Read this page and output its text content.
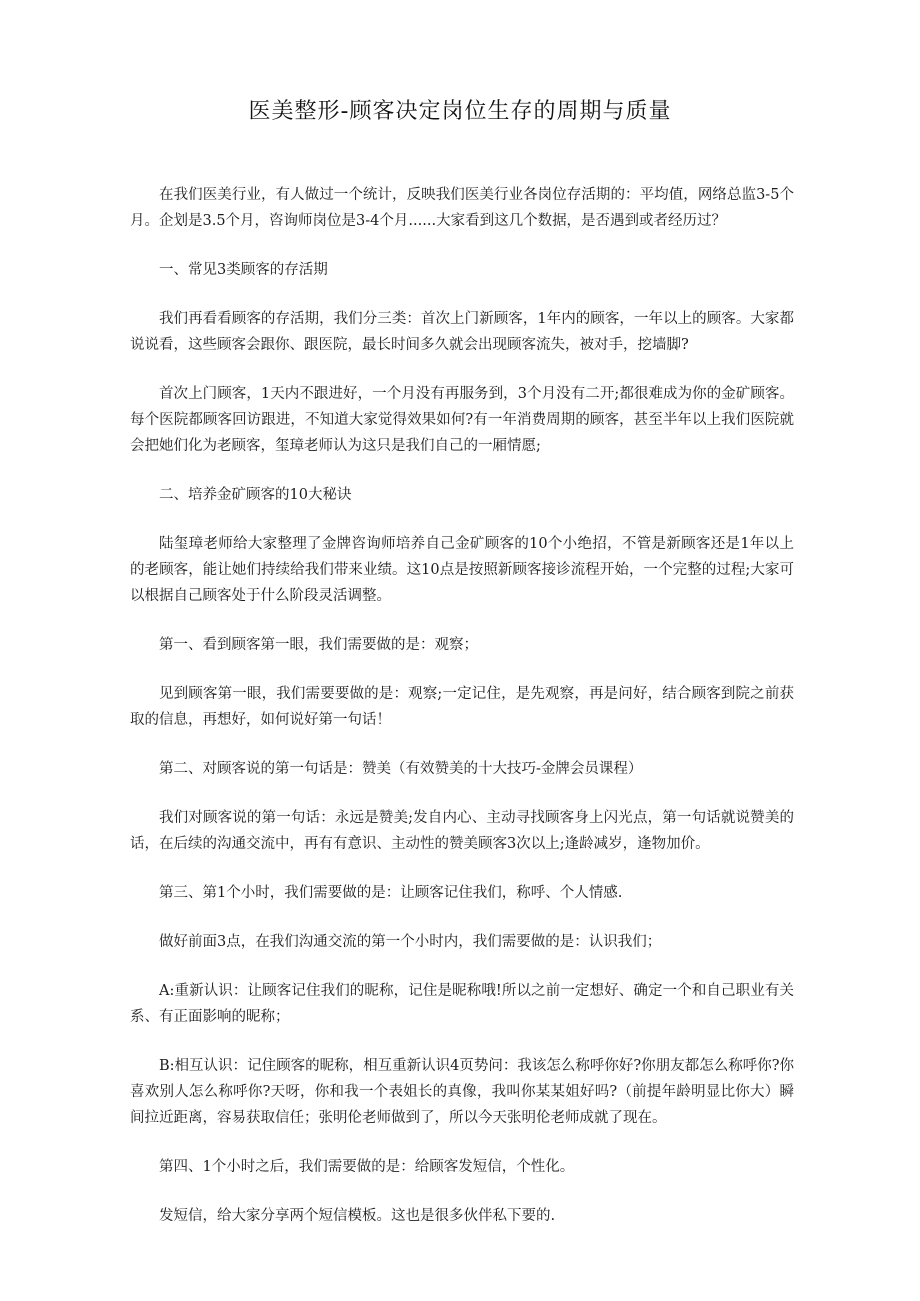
医美整形-顾客决定岗位生存的周期与质量

在我们医美行业，有人做过一个统计，反映我们医美行业各岗位存活期的：平均值，网络总监3-5个月。企划是3.5个月，咨询师岗位是3-4个月......大家看到这几个数据，是否遇到或者经历过？

一、常见3类顾客的存活期

我们再看看顾客的存活期，我们分三类：首次上门新顾客，1年内的顾客，一年以上的顾客。大家都说说看，这些顾客会跟你、跟医院，最长时间多久就会出现顾客流失，被对手，挖墙脚?

首次上门顾客，1天内不跟进好，一个月没有再服务到，3个月没有二开;都很难成为你的金矿顾客。每个医院都顾客回访跟进，不知道大家觉得效果如何?有一年消费周期的顾客，甚至半年以上我们医院就会把她们化为老顾客，玺璋老师认为这只是我们自己的一厢情愿;

二、培养金矿顾客的10大秘诀

陆玺璋老师给大家整理了金牌咨询师培养自己金矿顾客的10个小绝招，不管是新顾客还是1年以上的老顾客，能让她们持续给我们带来业绩。这10点是按照新顾客接诊流程开始，一个完整的过程;大家可以根据自己顾客处于什么阶段灵活调整。

第一、看到顾客第一眼，我们需要做的是：观察；

见到顾客第一眼，我们需要要做的是：观察;一定记住，是先观察，再是问好，结合顾客到院之前获取的信息，再想好，如何说好第一句话！

第二、对顾客说的第一句话是：赞美（有效赞美的十大技巧-金牌会员课程）

我们对顾客说的第一句话：永远是赞美;发自内心、主动寻找顾客身上闪光点，第一句话就说赞美的话，在后续的沟通交流中，再有有意识、主动性的赞美顾客3次以上;逢龄减岁，逢物加价。

第三、第1个小时，我们需要做的是：让顾客记住我们，称呼、个人情感.

做好前面3点，在我们沟通交流的第一个小时内，我们需要做的是：认识我们；

A:重新认识：让顾客记住我们的昵称，记住是昵称哦!所以之前一定想好、确定一个和自己职业有关系、有正面影响的昵称；

B:相互认识：记住顾客的昵称，相互重新认识4页势问：我该怎么称呼你好?你朋友都怎么称呼你?你喜欢别人怎么称呼你?天呀，你和我一个表姐长的真像，我叫你某某姐好吗?（前提年龄明显比你大）瞬间拉近距离，容易获取信任；张明伦老师做到了，所以今天张明伦老师成就了现在。

第四、1个小时之后，我们需要做的是：给顾客发短信，个性化。

发短信，给大家分享两个短信模板。这也是很多伙伴私下要的.
